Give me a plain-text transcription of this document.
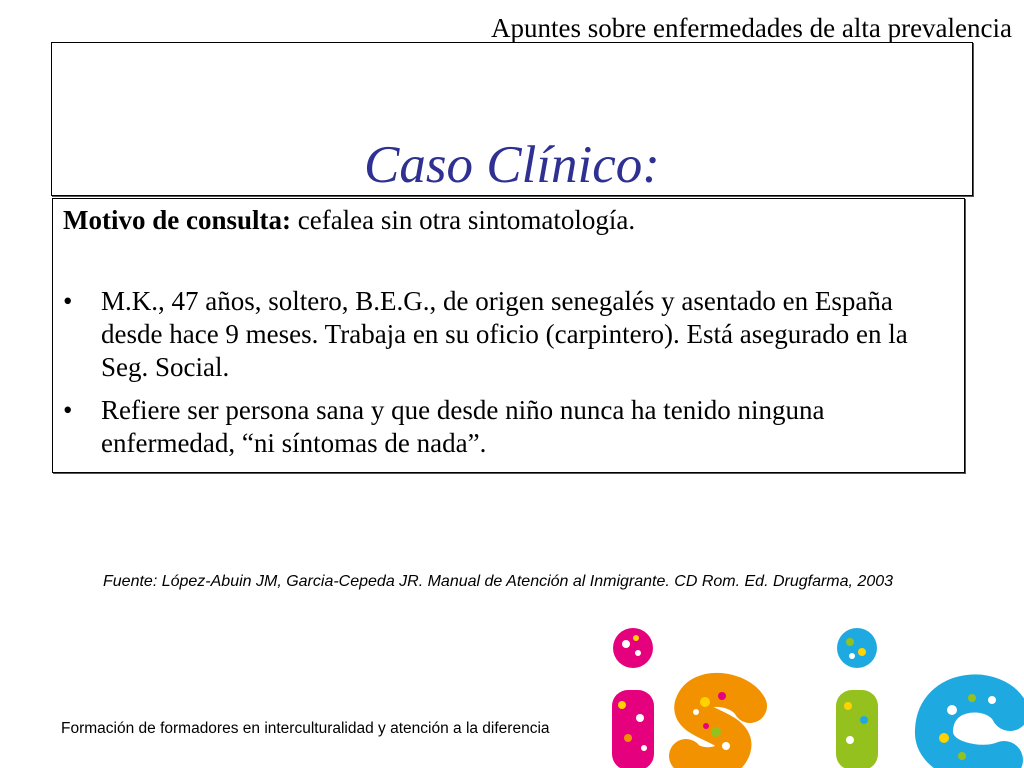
Apuntes sobre enfermedades de alta prevalencia
Caso Clínico:
Motivo de consulta: cefalea sin otra sintomatología.
• M.K., 47 años, soltero, B.E.G., de origen senegalés y asentado en España desde hace 9 meses. Trabaja en su oficio (carpintero). Está asegurado en la Seg. Social.
• Refiere ser persona sana y que desde niño nunca ha tenido ninguna enfermedad, “ni síntomas de nada”.
Fuente: López-Abuin JM, Garcia-Cepeda JR. Manual de Atención al Inmigrante. CD Rom. Ed. Drugfarma, 2003
Formación de formadores en interculturalidad y atención a la diferencia
